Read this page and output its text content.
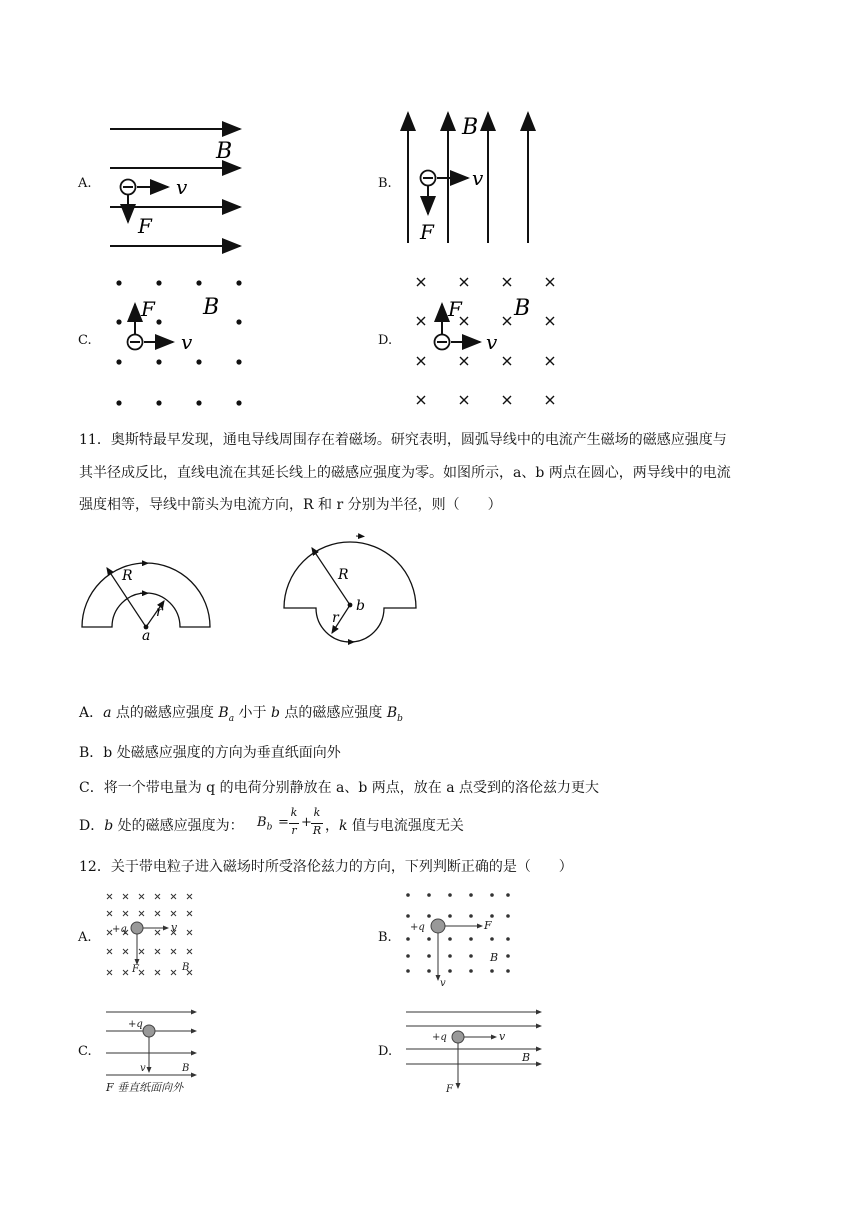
A.	B.
C.	D.
B
v
F
B
v
F
B
v
F	B
v
F
11．奥斯特最早发现，通电导线周围存在着磁场。研究表明，圆弧导线中的电流产生磁场的磁感应强度与
其半径成反比，直线电流在其延长线上的磁感应强度为零。如图所示，a、b 两点在圆心，两导线中的电流
强度相等，导线中箭头为电流方向，R 和 r 分别为半径，则（　　）
R
r
a
R
r
b
A．a 点的磁感应强度 $B_a$ 小于 b 点的磁感应强度 $B_b$
B．b 处磁感应强度的方向为垂直纸面向外
C．将一个带电量为 q 的电荷分别静放在 a、b 两点，放在 a 点受到的洛伦兹力更大
D．b 处的磁感应强度为： $B_b$ =
k
r
+
k
R ，k 值与电流强度无关
12．关于带电粒子进入磁场时所受洛伦兹力的方向，下列判断正确的是（　　）
A.	B.
C.	D.
+q	v
F	B
+q	F
v
B
+q
v	B
F 垂直纸面向外
+q	v
B
F
